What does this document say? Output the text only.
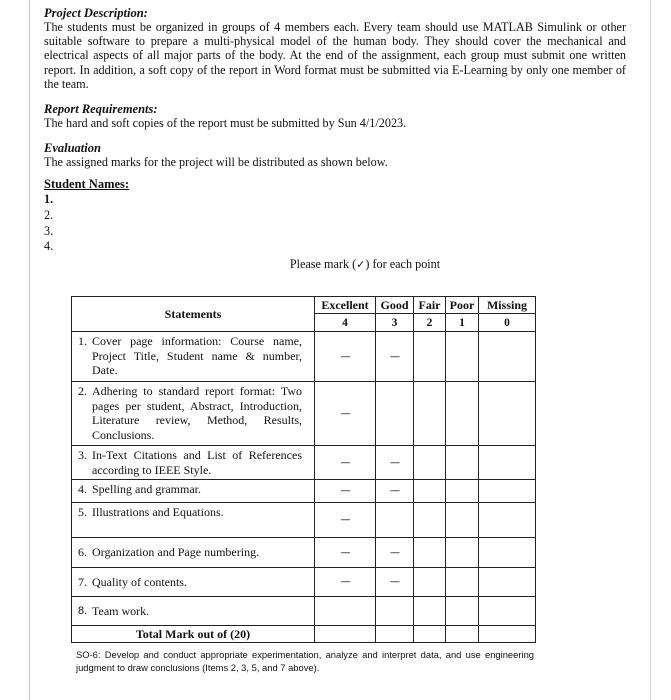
Project Description:
The students must be organized in groups of 4 members each. Every team should use MATLAB Simulink or other suitable software to prepare a multi-physical model of the human body. They should cover the mechanical and electrical aspects of all major parts of the body. At the end of the assignment, each group must submit one written report. In addition, a soft copy of the report in Word format must be submitted via E-Learning by only one member of the team.
Report Requirements:
The hard and soft copies of the report must be submitted by Sun 4/1/2023.
Evaluation
The assigned marks for the project will be distributed as shown below.
Student Names:
1.
2.
3.
4.
Please mark (✓) for each point
Statements	Excellent	Good	Fair	Poor	Missing
	4	3	2	1	0
1. Cover page information: Course name, Project Title, Student name & number, Date.	----	----			
2. Adhering to standard report format: Two pages per student, Abstract, Introduction, Literature review, Method, Results, Conclusions.	----				
3. In-Text Citations and List of References according to IEEE Style.	----	----			
4. Spelling and grammar.	----	----			
5. Illustrations and Equations.	----				
6. Organization and Page numbering.	----	----			
7. Quality of contents.	----	----			
8. Team work.					
Total Mark out of (20)					
SO-6: Develop and conduct appropriate experimentation, analyze and interpret data, and use engineering judgment to draw conclusions (Items 2, 3, 5, and 7 above).
